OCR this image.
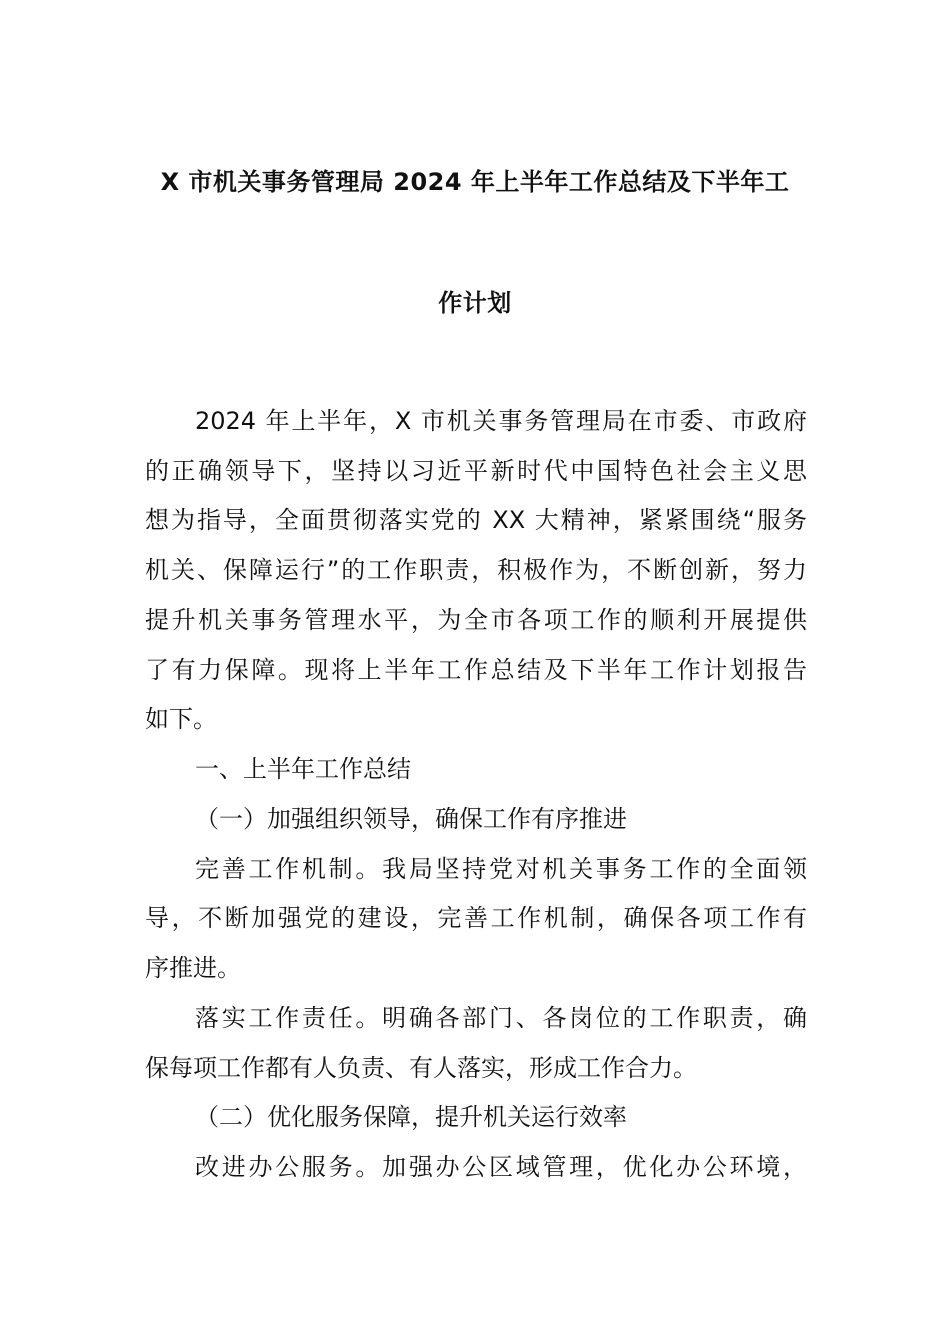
X 市机关事务管理局 2024 年上半年工作总结及下半年工
作计划
2024 年上半年，X 市机关事务管理局在市委、市政府
的正确领导下，坚持以习近平新时代中国特色社会主义思
想为指导，全面贯彻落实党的 XX 大精神，紧紧围绕“服务
机关、保障运行”的工作职责，积极作为，不断创新，努力
提升机关事务管理水平，为全市各项工作的顺利开展提供
了有力保障。现将上半年工作总结及下半年工作计划报告
如下。
一、上半年工作总结
（一）加强组织领导，确保工作有序推进
完善工作机制。我局坚持党对机关事务工作的全面领
导，不断加强党的建设，完善工作机制，确保各项工作有
序推进。
落实工作责任。明确各部门、各岗位的工作职责，确
保每项工作都有人负责、有人落实，形成工作合力。
（二）优化服务保障，提升机关运行效率
改进办公服务。加强办公区域管理，优化办公环境，
